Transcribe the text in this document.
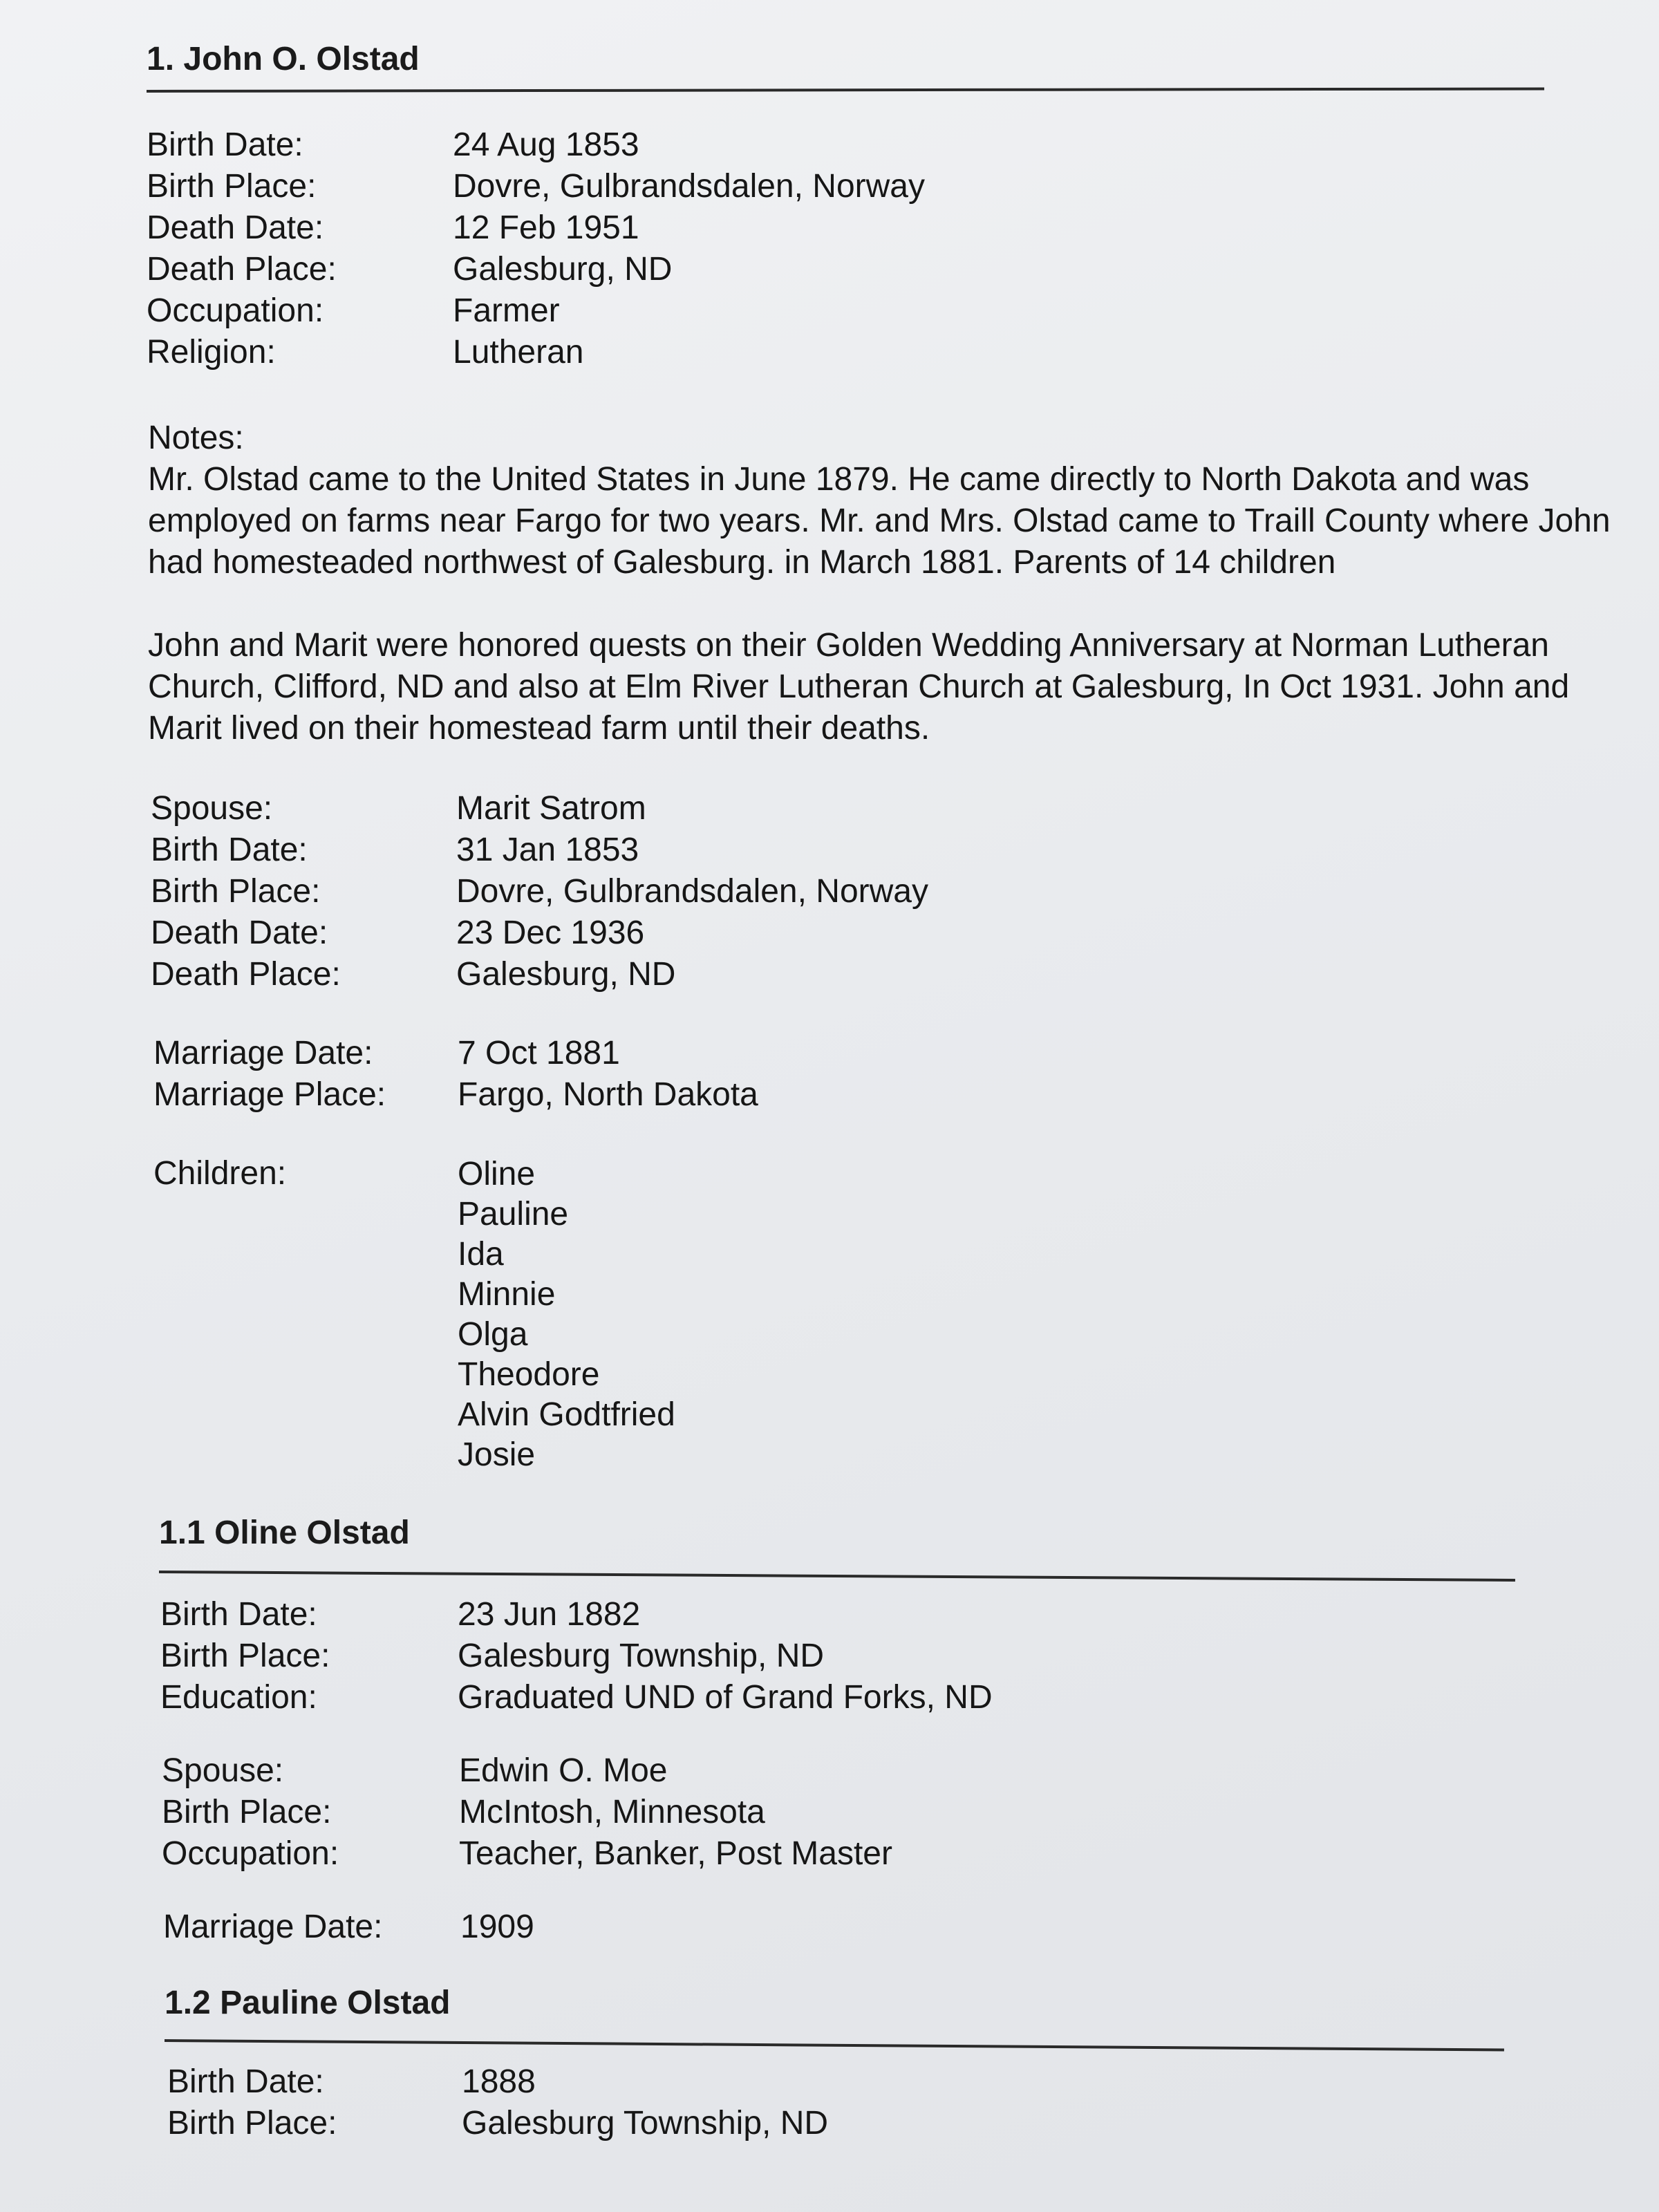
1. John O. Olstad
Birth Date:	24 Aug 1853
Birth Place:	Dovre, Gulbrandsdalen, Norway
Death Date:	12 Feb 1951
Death Place:	Galesburg, ND
Occupation:	Farmer
Religion:	Lutheran

Notes:

Mr. Olstad came to the United States in June 1879. He came directly to North Dakota and was employed on farms near Fargo for two years. Mr. and Mrs. Olstad came to Traill County where John had homesteaded northwest of Galesburg. in March 1881. Parents of 14 children

John and Marit were honored quests on their Golden Wedding Anniversary at Norman Lutheran Church, Clifford, ND and also at Elm River Lutheran Church at Galesburg, In Oct 1931. John and Marit lived on their homestead farm until their deaths.

Spouse:	Marit Satrom
Birth Date:	31 Jan 1853
Birth Place:	Dovre, Gulbrandsdalen, Norway
Death Date:	23 Dec 1936
Death Place:	Galesburg, ND
Marriage Date:	7 Oct 1881
Marriage Place: Fargo, North Dakota
Children:	Oline
Pauline
Ida
Minnie
Olga
Theodore
Alvin Godtfried
Josie
1.1 Oline Olstad
Birth Date:	23 Jun 1882
Birth Place:	Galesburg Township, ND
Education:	Graduated UND of Grand Forks, ND
Spouse:	Edwin O. Moe
Birth Place:	McIntosh, Minnesota
Occupation:	Teacher, Banker, Post Master
Marriage Date: 1909
1.2 Pauline Olstad
Birth Date:	1888
Birth Place:	Galesburg Township, ND
